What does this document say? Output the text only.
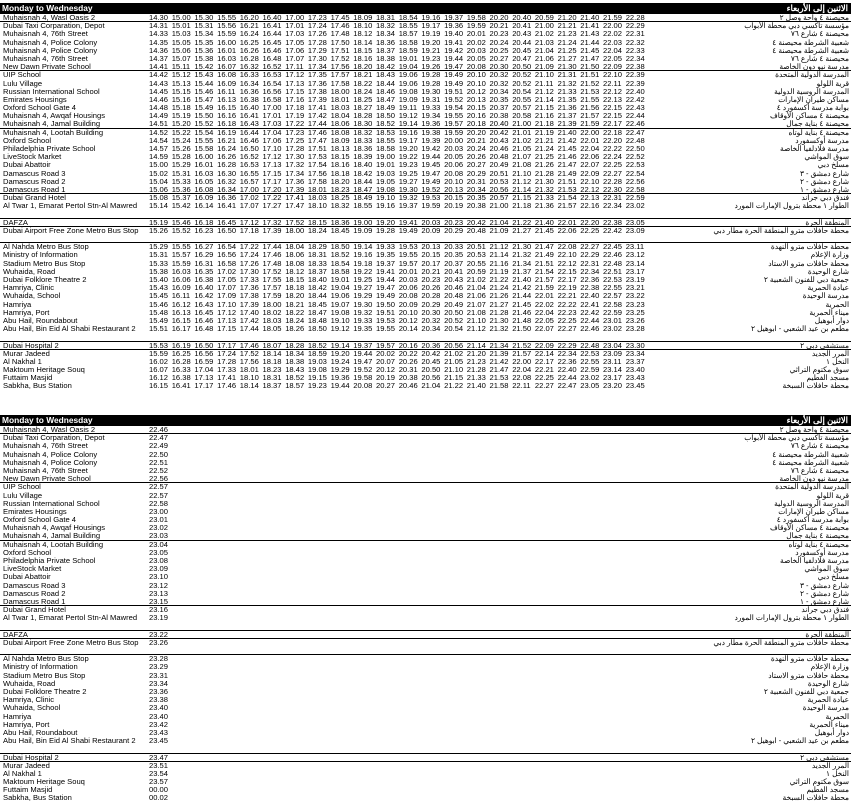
Monday to Wednesday	الاثنين إلى الأربعاء
Muhaisnah 4, Wasl Oasis 2	14.30 15.00 15.30 15.55 16.20 16.40 17.00 17.23 17.45 18.09 18.31 18.54 19.16 19.37 19.58 20.20 20.40 20.59 21.20 21.40 21.59 22.28	محيصنة ٤ واحة وصل ٢
Dubai Taxi Corparation, Depot	14.31 15.01 15.31 15.56 16.21 16.41 17.01 17.24 17.46 18.10 18.32 18.55 19.17 19.36 19.59 20.21 20.41 21.00 21.21 21.41 22.00 22.29	مؤسسة تاكسي دبي محطة الأبواب
Muhaisnah 4, 76th Street	14.33 15.03 15.34 15.59 16.24 16.44 17.03 17.26 17.48 18.12 18.34 18.57 19.19 19.40 20.01 20.23 20.43 21.02 21.23 21.43 22.02 22.31	محيصنة ٤ شارع ٧٦
Muhaisnah 4, Police Colony	14.35 15.05 15.35 16.00 16.25 16.45 17.05 17.28 17.50 18.14 18.36 18.58 19.20 19.41 20.02 20.24 20.44 21.03 21.24 21.44 22.03 22.32	شعبية الشرطة محيصنة ٤
Muhaisnah 4, Police Colony	14.36 15.06 15.36 16.01 16.26 16.46 17.06 17.29 17.51 18.15 18.37 18.59 19.21 19.42 20.03 20.25 20.45 21.04 21.25 21.45 22.04 22.33	شعبية الشرطة محيصنة ٤
Muhaisnah 4, 76th Street	14.37 15.07 15.38 16.03 16.28 16.48 17.07 17.30 17.52 18.16 18.38 19.01 19.23 19.44 20.05 20.27 20.47 21.06 21.27 21.47 22.05 22.34	محيصنة ٤ شارع ٧٦
New Dawn Private School	14.41 15.11 15.42 16.07 16.32 16.52 17.11 17.34 17.56 18.20 18.42 19.04 19.26 19.47 20.08 20.30 20.50 21.09 21.30 21.50 22.09 22.38	مدرسة نيو دون الخاصة
UIP School	14.42 15.12 15.43 16.08 16.33 16.53 17.12 17.35 17.57 18.21 18.43 19.06 19.28 19.49 20.10 20.32 20.52 21.10 21.31 21.51 22.10 22.39	المدرسة الدولية المتحدة
Lulu Village	14.43 15.13 15.44 16.09 16.34 16.54 17.13 17.36 17.58 18.22 18.44 19.06 19.28 19.49 20.10 20.32 20.52 21.11 21.32 21.52 22.11 22.39	قرية اللولو
Russian International School	14.45 15.15 15.46 16.11 16.36 16.56 17.15 17.38 18.00 18.24 18.46 19.08 19.30 19.51 20.12 20.34 20.54 21.12 21.33 21.53 22.12 22.40	المدرسة الروسية الدولية
Emirates Housings	14.46 15.16 15.47 16.13 16.38 16.58 17.16 17.39 18.01 18.25 18.47 19.09 19.31 19.52 20.13 20.35 20.55 21.14 21.35 21.55 22.13 22.42	مساكن طيران الإمارات
Oxford School Gate 4	14.48 15.18 15.49 16.15 16.40 17.00 17.18 17.41 18.03 18.27 18.49 19.11 19.33 19.54 20.15 20.37 20.57 21.15 21.36 21.56 22.15 22.43	بوابة مدرسة أكسفورد ٤
Muhaisnah 4, Awqaf Housings	14.49 15.19 15.50 16.16 16.41 17.01 17.19 17.42 18.04 18.28 18.50 19.12 19.34 19.55 20.16 20.38 20.58 21.16 21.37 21.57 22.15 22.44	محيصنة ٤ مساكن الأوقاف
Muhaisnah 4, Jamal Building	14.51 15.20 15.52 16.18 16.43 17.03 17.22 17.44 18.06 18.30 18.52 19.14 19.36 19.57 20.18 20.40 21.00 21.18 21.39 21.59 22.17 22.46	محيصنة ٤ بناية جمال
Muhaisnah 4, Lootah Building	14.52 15.22 15.54 16.19 16.44 17.04 17.23 17.46 18.08 18.32 18.53 19.16 19.38 19.59 20.20 20.42 21.01 21.19 21.40 22.00 22.18 22.47	محيصنة ٤ بناية لوتاه
Oxford School	14.54 15.24 15.55 16.21 16.46 17.06 17.25 17.47 18.09 18.33 18.55 19.17 19.39 20.00 20.21 20.43 21.02 21.21 21.42 22.01 22.20 22.48	مدرسة أوكسفورد
Philadelphia Private School	14.57 15.26 15.58 16.24 16.50 17.10 17.28 17.51 18.13 18.36 18.58 19.20 19.42 20.03 20.24 20.46 21.05 21.24 21.45 22.04 22.22 22.50	مدرسة فلادلفيا الخاصة
LiveStock Market	14.59 15.28 16.00 16.26 16.52 17.12 17.30 17.53 18.15 18.39 19.00 19.22 19.44 20.05 20.26 20.48 21.07 21.25 21.46 22.06 22.24 22.52	سوق المواشي
Dubai Abattoir	15.00 15.29 16.01 16.28 16.53 17.13 17.32 17.54 18.16 18.40 19.01 19.23 19.45 20.06 20.27 20.49 21.08 21.26 21.47 22.07 22.25 22.53	مسلخ دبي
Damascus Road 3	15.02 15.31 16.03 16.30 16.55 17.15 17.34 17.56 18.18 18.42 19.03 19.25 19.47 20.08 20.29 20.51 21.10 21.28 21.49 22.09 22.27 22.54	شارع دمشق - ٣
Damascus Road 2	15.04 15.33 16.05 16.32 16.57 17.17 17.36 17.58 18.20 18.44 19.05 19.27 19.49 20.10 20.31 20.53 21.12 21.30 21.51 22.10 22.28 22.56	شارع دمشق - ٢
Damascus Road 1	15.06 15.36 16.08 16.34 17.00 17.20 17.39 18.01 18.23 18.47 19.08 19.30 19.52 20.13 20.34 20.56 21.14 21.32 21.53 22.12 22.30 22.58	شارع دمشق - ١
Dubai Grand Hotel	15.08 15.37 16.09 16.36 17.02 17.22 17.41 18.03 18.25 18.49 19.10 19.32 19.53 20.15 20.35 20.57 21.15 21.33 21.54 22.13 22.31 22.59	فندق دبي جراند
Al Twar 1, Emarat Pertol Stn-Al Mawred	15.14 15.42 16.14 16.41 17.07 17.27 17.47 18.10 18.32 18.55 19.16 19.37 19.59 20.19 20.38 21.00 21.18 21.36 21.57 22.16 22.34 23.02	الطوار ١ محطة بترول الإمارات المورد
DAFZA	15.19 15.46 16.18 16.45 17.12 17.32 17.52 18.15 18.36 19.00 19.20 19.41 20.03 20.23 20.42 21.04 21.22 21.40 22.01 22.20 22.38 23.05	المنطقة الحرة
Dubai Airport Free Zone Metro Bus Stop	15.26 15.52 16.23 16.50 17.18 17.39 18.00 18.24 18.45 19.09 19.28 19.49 20.09 20.29 20.48 21.09 21.27 21.45 22.06 22.25 22.42 23.09	محطة حافلات مترو المنطقة الحرة مطار دبي
Al Nahda Metro Bus Stop	15.29 15.55 16.27 16.54 17.22 17.44 18.04 18.29 18.50 19.14 19.33 19.53 20.13 20.33 20.51 21.12 21.30 21.47 22.08 22.27 22.45 23.11	محطة حافلات مترو النهدة
Ministry of Information	15.31 15.57 16.29 16.56 17.24 17.46 18.06 18.31 18.52 19.16 19.35 19.55 20.15 20.35 20.53 21.14 21.32 21.49 22.10 22.29 22.46 23.12	وزارة الإعلام
Stadium Metro Bus Stop	15.33 15.59 16.31 16.58 17.26 17.48 18.08 18.33 18.54 19.18 19.37 19.57 20.17 20.37 20.55 21.16 21.34 21.51 22.12 22.31 22.48 23.14	محطة حافلات مترو الاستاد
Wuhaida, Road	15.38 16.03 16.35 17.02 17.30 17.52 18.12 18.37 18.58 19.22 19.41 20.01 20.21 20.41 20.59 21.19 21.37 21.54 22.15 22.34 22.51 23.17	شارع الوحيدة
Dubai Folklore Theatre 2	15.40 16.06 16.38 17.05 17.33 17.55 18.15 18.40 19.01 19.25 19.44 20.03 20.23 20.43 21.02 21.22 21.40 21.57 22.17 22.36 22.53 23.19	جمعية دبي للفنون الشعبية ٢
Hamriya, Clinic	15.43 16.09 16.40 17.07 17.36 17.57 18.18 18.42 19.04 19.27 19.47 20.06 20.26 20.46 21.04 21.24 21.42 21.59 22.19 22.38 22.55 23.21	عيادة الحمرية
Wuhaida, School	15.45 16.11 16.42 17.09 17.38 17.59 18.20 18.44 19.06 19.29 19.49 20.08 20.28 20.48 21.06 21.26 21.44 22.01 22.21 22.40 22.57 23.22	مدرسة الوحيدة
Hamriya	15.46 16.12 16.43 17.10 17.39 18.00 18.21 18.45 19.07 19.30 19.50 20.09 20.29 20.49 21.07 21.27 21.45 22.02 22.22 22.41 22.58 23.23	الحمرية
Hamriya, Port	15.48 16.13 16.45 17.12 17.40 18.02 18.22 18.47 19.08 19.32 19.51 20.10 20.30 20.50 21.08 21.28 21.46 22.04 22.23 22.42 22.59 23.25	ميناء الحمرية
Abu Hail, Roundabout	15.49 16.15 16.46 17.13 17.42 18.03 18.24 18.48 19.10 19.33 19.53 20.12 20.32 20.52 21.10 21.30 21.48 22.05 22.25 22.44 23.01 23.26	دوار أبوهيل
Abu Hail, Bin Eid Al Shabi Restaurant 2	15.51 16.17 16.48 17.15 17.44 18.05 18.26 18.50 19.12 19.35 19.55 20.14 20.34 20.54 21.12 21.32 21.50 22.07 22.27 22.46 23.02 23.28	مطعم بن عيد الشعبي - ابوهيل ٢
Dubai Hospital 2	15.53 16.19 16.50 17.17 17.46 18.07 18.28 18.52 19.14 19.37 19.57 20.16 20.36 20.56 21.14 21.34 21.52 22.09 22.29 22.48 23.04 23.30	مستشفى دبي ٢
Murar Jadeed	15.59 16.25 16.56 17.24 17.52 18.14 18.34 18.59 19.20 19.44 20.02 20.22 20.42 21.02 21.20 21.39 21.57 22.14 22.34 22.53 23.09 23.34	المرر الجديد
Al Nakhal 1	16.02 16.28 16.59 17.28 17.56 18.18 18.38 19.03 19.24 19.47 20.07 20.26 20.45 21.05 21.23 21.42 22.00 22.17 22.36 22.55 23.11 23.37	النخل ١
Maktoum Heritage Souq	16.07 16.33 17.04 17.33 18.01 18.23 18.43 19.08 19.29 19.52 20.12 20.31 20.50 21.10 21.28 21.47 22.04 22.21 22.40 22.59 23.14 23.40	سوق مكتوم التراثي
Futtaim Masjid	16.12 16.38 17.13 17.41 18.10 18.31 18.52 19.15 19.36 19.58 20.19 20.38 20.56 21.15 21.33 21.53 22.08 22.25 22.44 23.02 23.17 23.43	مسجد الفطيم
Sabkha, Bus Station	16.15 16.41 17.17 17.46 18.14 18.37 18.57 19.23 19.44 20.08 20.27 20.46 21.04 21.22 21.40 21.58 22.11 22.27 22.47 23.05 23.20 23.45	محطة حافلات السبخة
Monday to Wednesday	الاثنين إلى الأربعاء
Muhaisnah 4, Wasl Oasis 2	22.46	محيصنة ٤ واحة وصل ٢
Dubai Taxi Corparation, Depot	22.47	مؤسسة تاكسي دبي محطة الأبواب
Muhaisnah 4, 76th Street	22.49	محيصنة ٤ شارع ٧٦
Muhaisnah 4, Police Colony	22.50	شعبية الشرطة محيصنة ٤
Muhaisnah 4, Police Colony	22.51	شعبية الشرطة محيصنة ٤
Muhaisnah 4, 76th Street	22.52	محيصنة ٤ شارع ٧٦
New Dawn Private School	22.56	مدرسة نيو دون الخاصة
UIP School	22.57	المدرسة الدولية المتحدة
Lulu Village	22.57	قرية اللولو
Russian International School	22.58	المدرسة الروسية الدولية
Emirates Housings	23.00	مساكن طيران الإمارات
Oxford School Gate 4	23.01	بوابة مدرسة أكسفورد ٤
Muhaisnah 4, Awqaf Housings	23.02	محيصنة ٤ مساكن الأوقاف
Muhaisnah 4, Jamal Building	23.03	محيصنة ٤ بناية جمال
Muhaisnah 4, Lootah Building	23.04	محيصنة ٤ بناية لوتاه
Oxford School	23.05	مدرسة أوكسفورد
Philadelphia Private School	23.08	مدرسة فلادلفيا الخاصة
LiveStock Market	23.09	سوق المواشي
Dubai Abattoir	23.10	مسلخ دبي
Damascus Road 3	23.12	شارع دمشق - ٣
Damascus Road 2	23.13	شارع دمشق - ٢
Damascus Road 1	23.15	شارع دمشق - ١
Dubai Grand Hotel	23.16	فندق دبي جراند
Al Twar 1, Emarat Pertol Stn-Al Mawred	23.19	الطوار ١ محطة بترول الإمارات المورد
DAFZA	23.22	المنطقة الحرة
Dubai Airport Free Zone Metro Bus Stop	23.26	محطة حافلات مترو المنطقة الحرة مطار دبي
Al Nahda Metro Bus Stop	23.28	محطة حافلات مترو النهدة
Ministry of Information	23.29	وزارة الإعلام
Stadium Metro Bus Stop	23.31	محطة حافلات مترو الاستاد
Wuhaida, Road	23.34	شارع الوحيدة
Dubai Folklore Theatre 2	23.36	جمعية دبي للفنون الشعبية ٢
Hamriya, Clinic	23.38	عيادة الحمرية
Wuhaida, School	23.40	مدرسة الوحيدة
Hamriya	23.40	الحمرية
Hamriya, Port	23.42	ميناء الحمرية
Abu Hail, Roundabout	23.43	دوار أبوهيل
Abu Hail, Bin Eid Al Shabi Restaurant 2	23.45	مطعم بن عيد الشعبي - ابوهيل ٢
Dubai Hospital 2	23.47	مستشفى دبي ٢
Murar Jadeed	23.51	المرر الجديد
Al Nakhal 1	23.54	النخل ١
Maktoum Heritage Souq	23.57	سوق مكتوم التراثي
Futtaim Masjid	00.00	مسجد الفطيم
Sabkha, Bus Station	00.02	محطة حافلات السبخة
